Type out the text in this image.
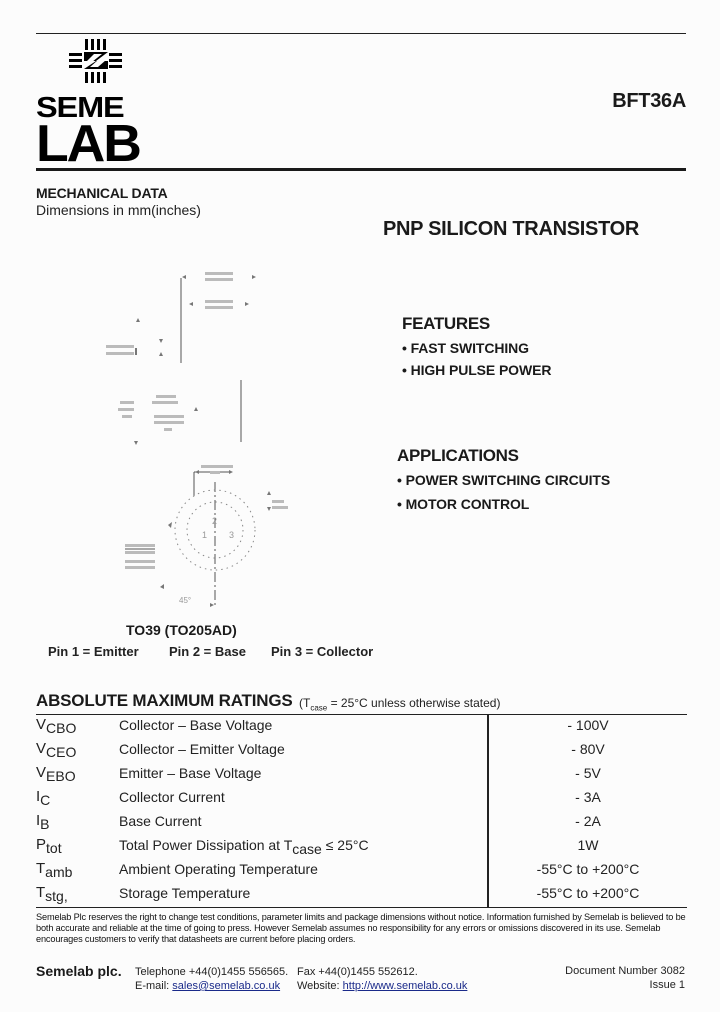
SEME
LAB
BFT36A
MECHANICAL DATA
Dimensions in mm(inches)
PNP SILICON TRANSISTOR
2
1 3
45°
TO39 (TO205AD)
Pin 1 = Emitter Pin 2 = Base Pin 3 = Collector
FEATURES
• FAST SWITCHING
• HIGH PULSE POWER
APPLICATIONS
• POWER SWITCHING CIRCUITS
• MOTOR CONTROL
ABSOLUTE MAXIMUM RATINGS ($T_{case} = 25^\circ C$ unless otherwise stated)
$V_{CBO}$	Collector – Base Voltage	- 100V
$V_{CEO}$	Collector – Emitter Voltage	- 80V
$V_{EBO}$	Emitter – Base Voltage	- 5V
$I_C$	Collector Current	- 3A
$I_B$	Base Current	- 2A
$P_{tot}$	Total Power Dissipation at $T_{case} \le 25^\circ C$	1W
$T_{amb}$	Ambient Operating Temperature	-55°C to +200°C
$T_{stg,}$	Storage Temperature	-55°C to +200°C
Semelab Plc reserves the right to change test conditions, parameter limits and package dimensions without notice. Information furnished by Semelab is believed to be both accurate and reliable at the time of going to press. However Semelab assumes no responsibility for any errors or omissions discovered in its use. Semelab encourages customers to verify that datasheets are current before placing orders.
Semelab plc. Telephone +44(0)1455 556565. Fax +44(0)1455 552612.
E-mail: sales@semelab.co.uk Website: http://www.semelab.co.uk
Document Number 3082
Issue 1
